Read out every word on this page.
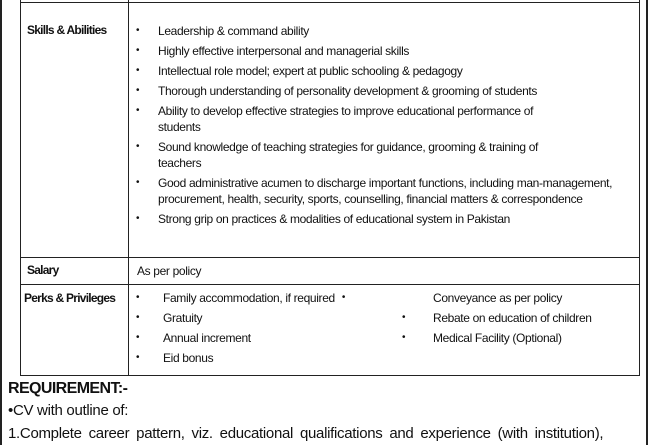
Skills & Abilities	• Leadership & command ability
• Highly effective interpersonal and managerial skills
• Intellectual role model; expert at public schooling & pedagogy
• Thorough understanding of personality development & grooming of students
• Ability to develop effective strategies to improve educational performance of
students
• Sound knowledge of teaching strategies for guidance, grooming & training of
teachers
• Good administrative acumen to discharge important functions, including man-management,
procurement, health, security, sports, counselling, financial matters & correspondence
• Strong grip on practices & modalities of educational system in Pakistan
Salary	As per policy
Perks & Privileges • Family accommodation, if required •
• Gratuity
• Annual increment
• Eid bonus
Conveyance as per policy
• Rebate on education of children
• Medical Facility (Optional)
REQUIREMENT:-
•CV with outline of:
1.Complete career pattern, viz. educational qualifications and experience (with institution),
